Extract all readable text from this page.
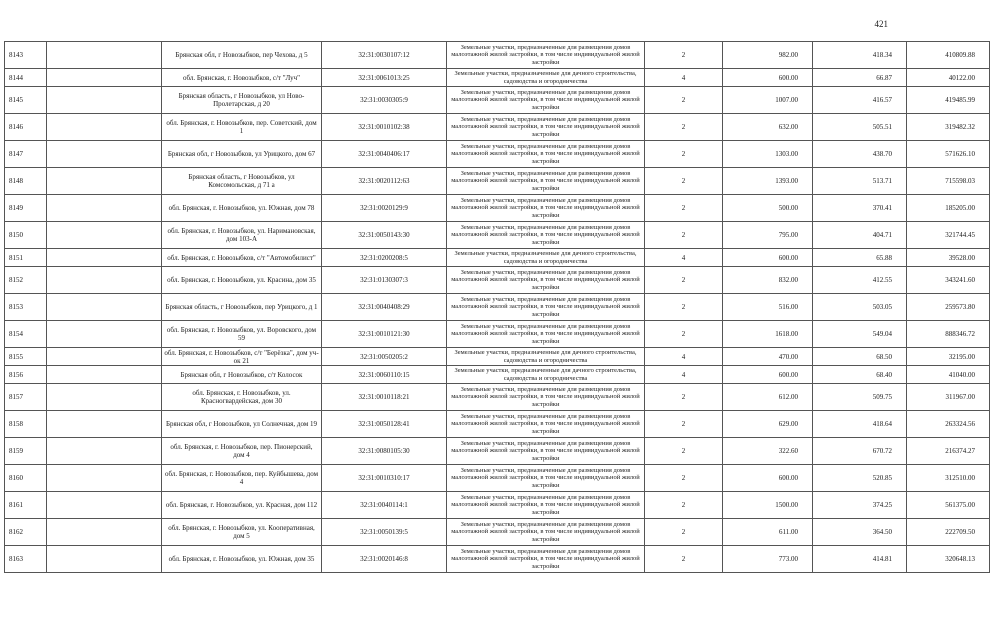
421
8143		Брянская обл, г Новозыбков, пер Чехова, д 5	32:31:0030107:12	Земельные участки, предназначенные для размещения домов малоэтажной жилой застройки, в том числе индивидуальной жилой застройки	2	982.00	418.34	410809.88
8144		обл. Брянская, г. Новозыбков, с/т "Луч"	32:31:0061013:25	Земельные участки, предназначенные для дачного строительства, садоводства и огородничества	4	600.00	66.87	40122.00
8145		Брянская область, г Новозыбков, ул Ново-Пролетарская, д 20	32:31:0030305:9	Земельные участки, предназначенные для размещения домов малоэтажной жилой застройки, в том числе индивидуальной жилой застройки	2	1007.00	416.57	419485.99
8146		обл. Брянская, г. Новозыбков, пер. Советский, дом 1	32:31:0010102:38	Земельные участки, предназначенные для размещения домов малоэтажной жилой застройки, в том числе индивидуальной жилой застройки	2	632.00	505.51	319482.32
8147		Брянская обл, г Новозыбков, ул Урицкого, дом 67	32:31:0040406:17	Земельные участки, предназначенные для размещения домов малоэтажной жилой застройки, в том числе индивидуальной жилой застройки	2	1303.00	438.70	571626.10
8148		Брянская область, г Новозыбков, ул Комсомольская, д 71 а	32:31:0020112:63	Земельные участки, предназначенные для размещения домов малоэтажной жилой застройки, в том числе индивидуальной жилой застройки	2	1393.00	513.71	715598.03
8149		обл. Брянская, г. Новозыбков, ул. Южная, дом 78	32:31:0020129:9	Земельные участки, предназначенные для размещения домов малоэтажной жилой застройки, в том числе индивидуальной жилой застройки	2	500.00	370.41	185205.00
8150		обл. Брянская, г. Новозыбков, ул. Наримановская, дом 103-А	32:31:0050143:30	Земельные участки, предназначенные для размещения домов малоэтажной жилой застройки, в том числе индивидуальной жилой застройки	2	795.00	404.71	321744.45
8151		обл. Брянская, г. Новозыбков, с/т "Автомобилист"	32:31:0200208:5	Земельные участки, предназначенные для дачного строительства, садоводства и огородничества	4	600.00	65.88	39528.00
8152		обл. Брянская, г. Новозыбков, ул. Красина, дом 35	32:31:0130307:3	Земельные участки, предназначенные для размещения домов малоэтажной жилой застройки, в том числе индивидуальной жилой застройки	2	832.00	412.55	343241.60
8153		Брянская область, г Новозыбков, пер Урицкого, д 1	32:31:0040408:29	Земельные участки, предназначенные для размещения домов малоэтажной жилой застройки, в том числе индивидуальной жилой застройки	2	516.00	503.05	259573.80
8154		обл. Брянская, г. Новозыбков, ул. Воровского, дом 59	32:31:0010121:30	Земельные участки, предназначенные для размещения домов малоэтажной жилой застройки, в том числе индивидуальной жилой застройки	2	1618.00	549.04	888346.72
8155		обл. Брянская, г. Новозыбков, с/т "Берёзка", дом уч-ок 21	32:31:0050205:2	Земельные участки, предназначенные для дачного строительства, садоводства и огородничества	4	470.00	68.50	32195.00
8156		Брянская обл, г Новозыбков, с/т Колосок	32:31:0060110:15	Земельные участки, предназначенные для дачного строительства, садоводства и огородничества	4	600.00	68.40	41040.00
8157		обл. Брянская, г. Новозыбков, ул. Красногвардейская, дом 30	32:31:0010118:21	Земельные участки, предназначенные для размещения домов малоэтажной жилой застройки, в том числе индивидуальной жилой застройки	2	612.00	509.75	311967.00
8158		Брянская обл, г Новозыбков, ул Солнечная, дом 19	32:31:0050128:41	Земельные участки, предназначенные для размещения домов малоэтажной жилой застройки, в том числе индивидуальной жилой застройки	2	629.00	418.64	263324.56
8159		обл. Брянская, г. Новозыбков, пер. Пионерский, дом 4	32:31:0080105:30	Земельные участки, предназначенные для размещения домов малоэтажной жилой застройки, в том числе индивидуальной жилой застройки	2	322.60	670.72	216374.27
8160		обл. Брянская, г. Новозыбков, пер. Куйбышева, дом 4	32:31:0010310:17	Земельные участки, предназначенные для размещения домов малоэтажной жилой застройки, в том числе индивидуальной жилой застройки	2	600.00	520.85	312510.00
8161		обл. Брянская, г. Новозыбков, ул. Красная, дом 112	32:31:0040114:1	Земельные участки, предназначенные для размещения домов малоэтажной жилой застройки, в том числе индивидуальной жилой застройки	2	1500.00	374.25	561375.00
8162		обл. Брянская, г. Новозыбков, ул. Кооперативная, дом 5	32:31:0050139:5	Земельные участки, предназначенные для размещения домов малоэтажной жилой застройки, в том числе индивидуальной жилой застройки	2	611.00	364.50	222709.50
8163		обл. Брянская, г. Новозыбков, ул. Южная, дом 35	32:31:0020146:8	Земельные участки, предназначенные для размещения домов малоэтажной жилой застройки, в том числе индивидуальной жилой застройки	2	773.00	414.81	320648.13
